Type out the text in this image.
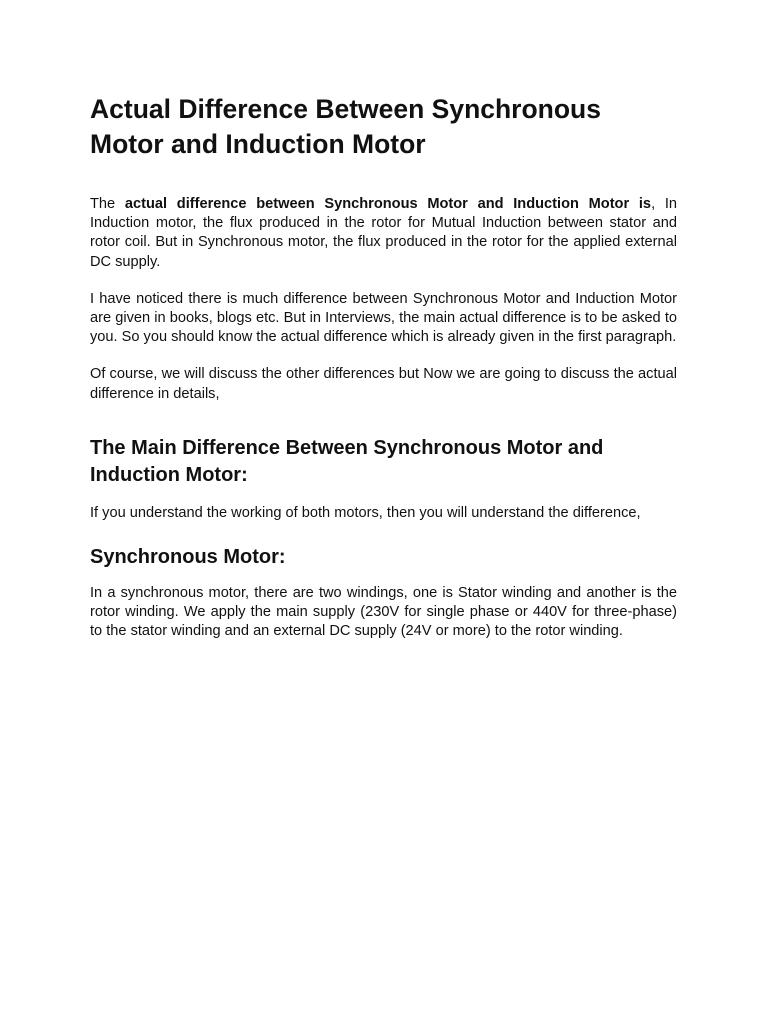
Actual Difference Between Synchronous Motor and Induction Motor

The actual difference between Synchronous Motor and Induction Motor is, In Induction motor, the flux produced in the rotor for Mutual Induction between stator and rotor coil. But in Synchronous motor, the flux produced in the rotor for the applied external DC supply.

I have noticed there is much difference between Synchronous Motor and Induction Motor are given in books, blogs etc. But in Interviews, the main actual difference is to be asked to you. So you should know the actual difference which is already given in the first paragraph.

Of course, we will discuss the other differences but Now we are going to discuss the actual difference in details,

The Main Difference Between Synchronous Motor and Induction Motor:

If you understand the working of both motors, then you will understand the difference,

Synchronous Motor:

In a synchronous motor, there are two windings, one is Stator winding and another is the rotor winding. We apply the main supply (230V for single phase or 440V for three-phase) to the stator winding and an external DC supply (24V or more) to the rotor winding.
